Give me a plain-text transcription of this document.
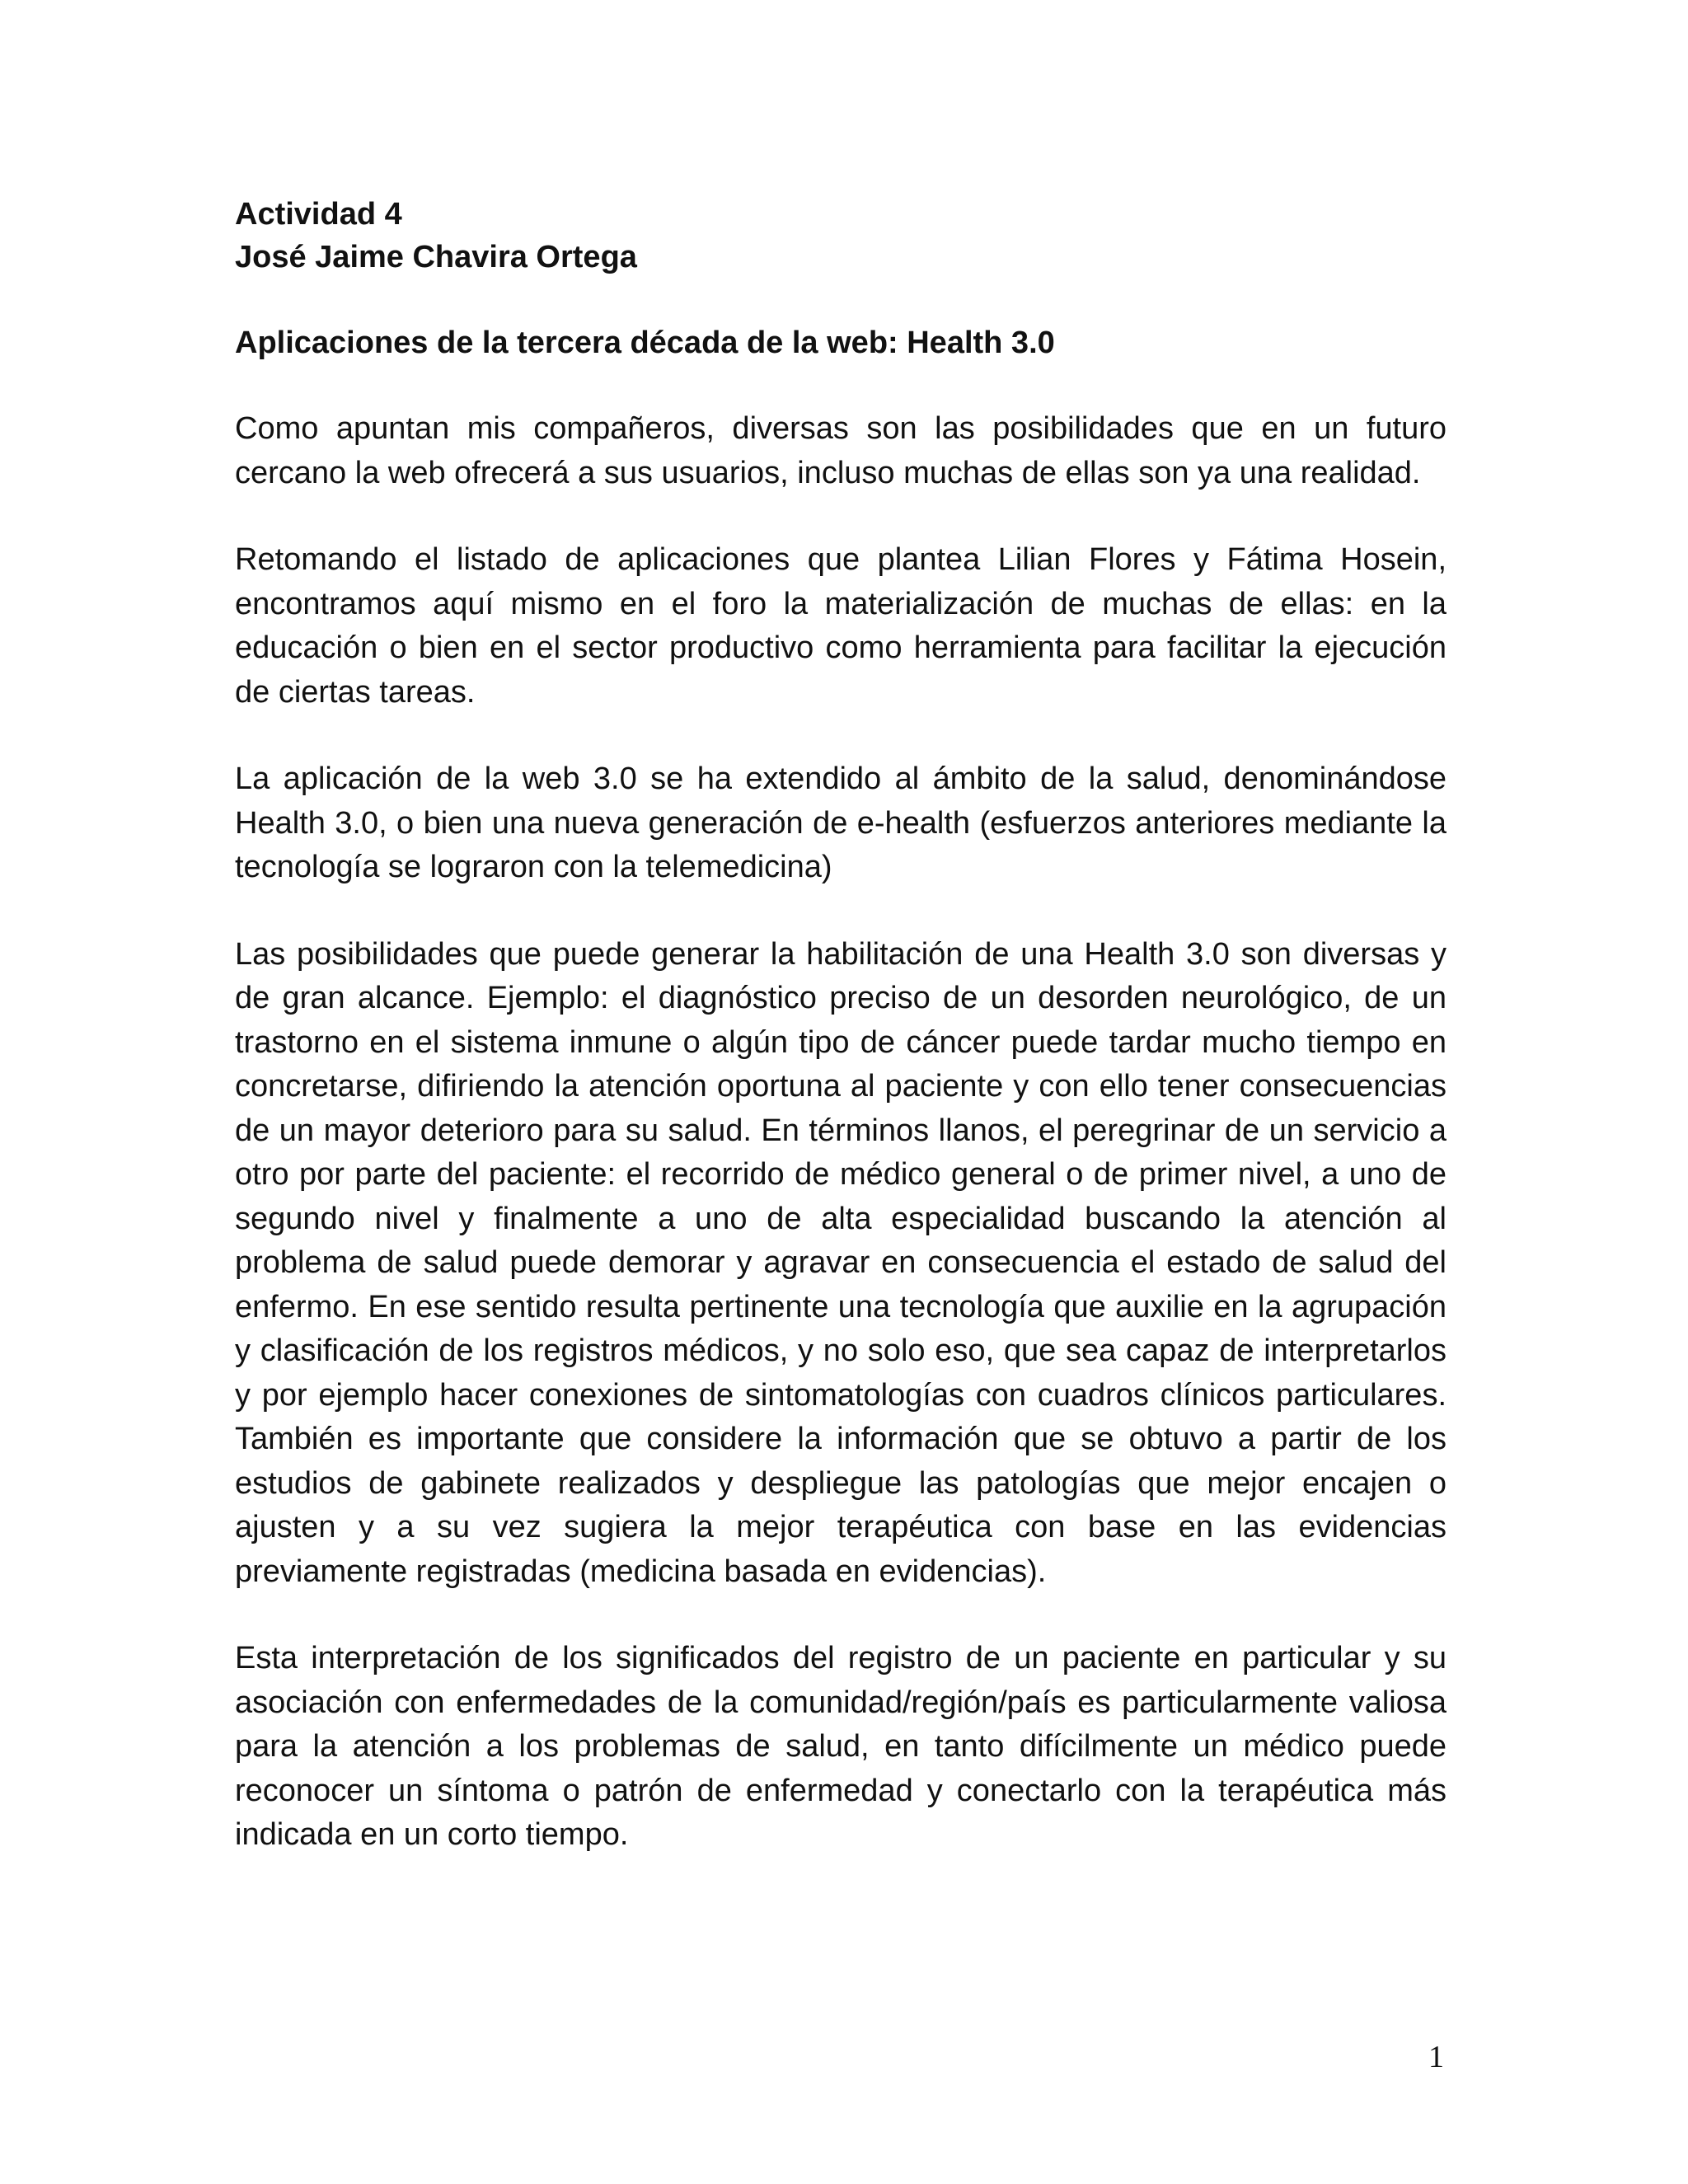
Actividad 4

José Jaime Chavira Ortega

Aplicaciones de la tercera década de la web: Health 3.0

Como apuntan mis compañeros, diversas son las posibilidades que en un futuro cercano la web ofrecerá a sus usuarios, incluso muchas de ellas son ya una realidad.

Retomando el listado de aplicaciones que plantea Lilian Flores y Fátima Hosein, encontramos aquí mismo en el foro la materialización de muchas de ellas: en la educación o bien en el sector productivo como herramienta para facilitar la ejecución de ciertas tareas.

La aplicación de la web 3.0 se ha extendido al ámbito de la salud, denominándose Health 3.0, o bien una nueva generación de e-health (esfuerzos anteriores mediante la tecnología se lograron con la telemedicina)

Las posibilidades que puede generar la habilitación de una Health 3.0 son diversas y de gran alcance. Ejemplo: el diagnóstico preciso de un desorden neurológico, de un trastorno en el sistema inmune o algún tipo de cáncer puede tardar mucho tiempo en concretarse, difiriendo la atención oportuna al paciente y con ello tener consecuencias de un mayor deterioro para su salud. En términos llanos, el peregrinar de un servicio a otro por parte del paciente: el recorrido de médico general o de primer nivel, a uno de segundo nivel y finalmente a uno de alta especialidad buscando la atención al problema de salud puede demorar y agravar en consecuencia el estado de salud del enfermo. En ese sentido resulta pertinente una tecnología que auxilie en la agrupación y clasificación de los registros médicos, y no solo eso, que sea capaz de interpretarlos y por ejemplo hacer conexiones de sintomatologías con cuadros clínicos particulares. También es importante que considere la información que se obtuvo a partir de los estudios de gabinete realizados y despliegue las patologías que mejor encajen o ajusten y a su vez sugiera la mejor terapéutica con base en las evidencias previamente registradas (medicina basada en evidencias).

Esta interpretación de los significados del registro de un paciente en particular y su asociación con enfermedades de la comunidad/región/país es particularmente valiosa para la atención a los problemas de salud, en tanto difícilmente un médico puede reconocer un síntoma o patrón de enfermedad y conectarlo con la terapéutica más indicada en un corto tiempo.

1
